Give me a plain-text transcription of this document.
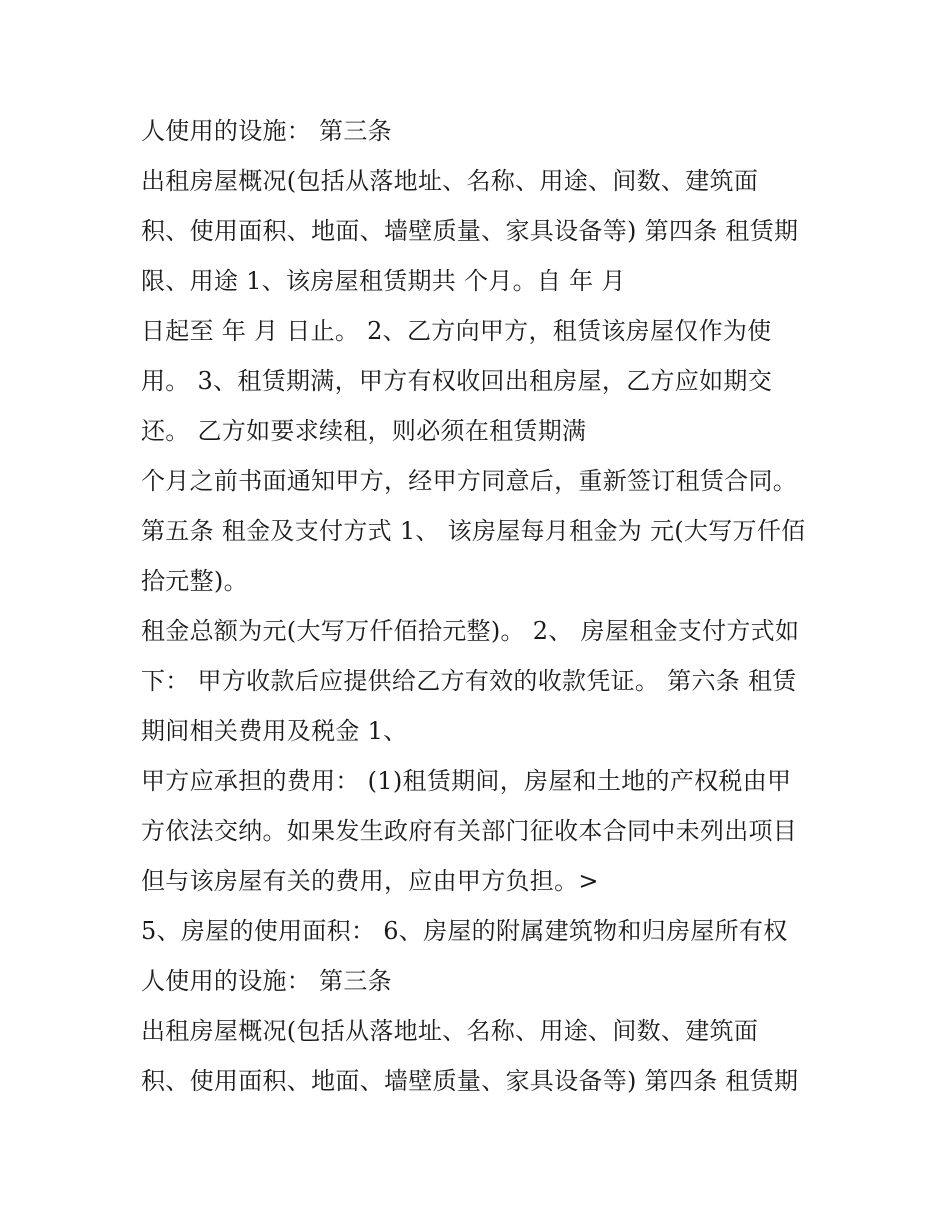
人使用的设施： 第三条
出租房屋概况(包括从落地址、名称、用途、间数、建筑面
积、使用面积、地面、墙壁质量、家具设备等) 第四条 租赁期
限、用途 1、该房屋租赁期共 个月。自 年 月
日起至 年 月 日止。 2、乙方向甲方，租赁该房屋仅作为使
用。 3、租赁期满，甲方有权收回出租房屋，乙方应如期交
还。 乙方如要求续租，则必须在租赁期满
个月之前书面通知甲方，经甲方同意后，重新签订租赁合同。
第五条 租金及支付方式 1、 该房屋每月租金为 元(大写万仟佰
拾元整)。
租金总额为元(大写万仟佰拾元整)。 2、 房屋租金支付方式如
下： 甲方收款后应提供给乙方有效的收款凭证。 第六条 租赁
期间相关费用及税金 1、
甲方应承担的费用： (1)租赁期间，房屋和土地的产权税由甲
方依法交纳。如果发生政府有关部门征收本合同中未列出项目
但与该房屋有关的费用，应由甲方负担。>
5、房屋的使用面积： 6、房屋的附属建筑物和归房屋所有权
人使用的设施： 第三条
出租房屋概况(包括从落地址、名称、用途、间数、建筑面
积、使用面积、地面、墙壁质量、家具设备等) 第四条 租赁期
